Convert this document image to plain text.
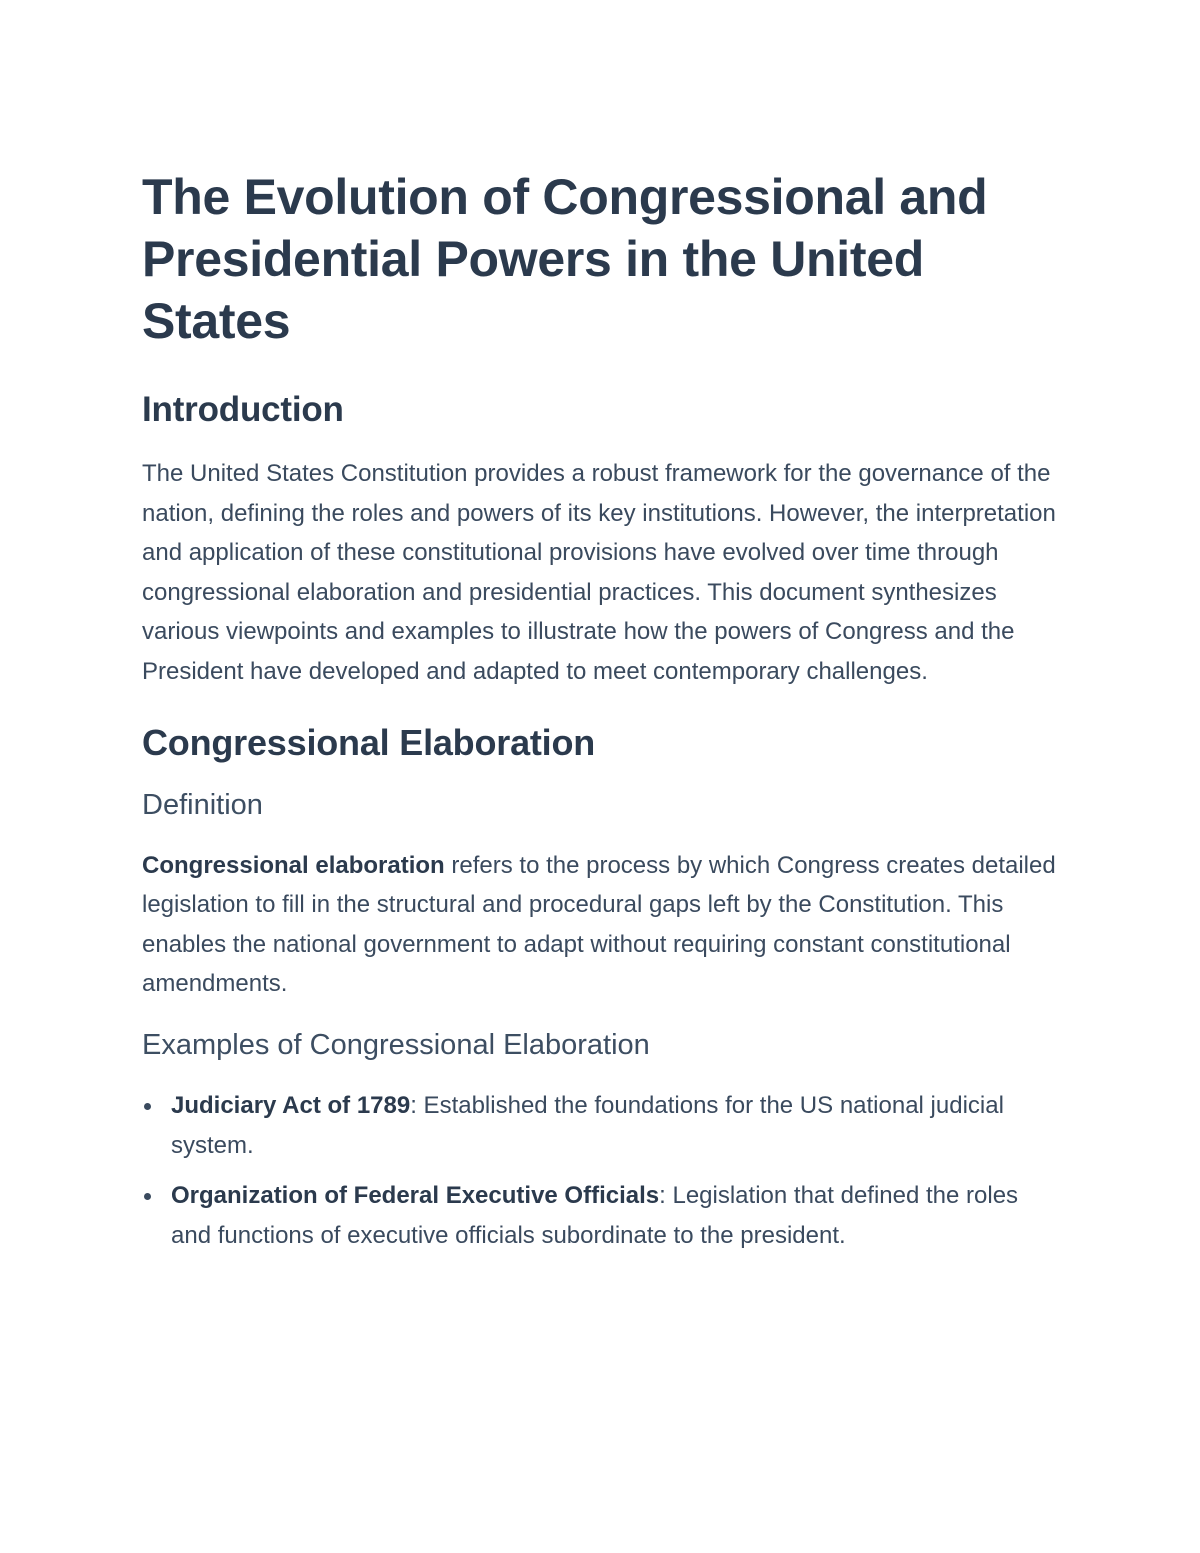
The Evolution of Congressional and Presidential Powers in the United States
Introduction

The United States Constitution provides a robust framework for the governance of the nation, defining the roles and powers of its key institutions. However, the interpretation and application of these constitutional provisions have evolved over time through congressional elaboration and presidential practices. This document synthesizes various viewpoints and examples to illustrate how the powers of Congress and the President have developed and adapted to meet contemporary challenges.

Congressional Elaboration
Definition

Congressional elaboration refers to the process by which Congress creates detailed legislation to fill in the structural and procedural gaps left by the Constitution. This enables the national government to adapt without requiring constant constitutional amendments.

Examples of Congressional Elaboration
Judiciary Act of 1789: Established the foundations for the US national judicial system.
Organization of Federal Executive Officials: Legislation that defined the roles and functions of executive officials subordinate to the president.
